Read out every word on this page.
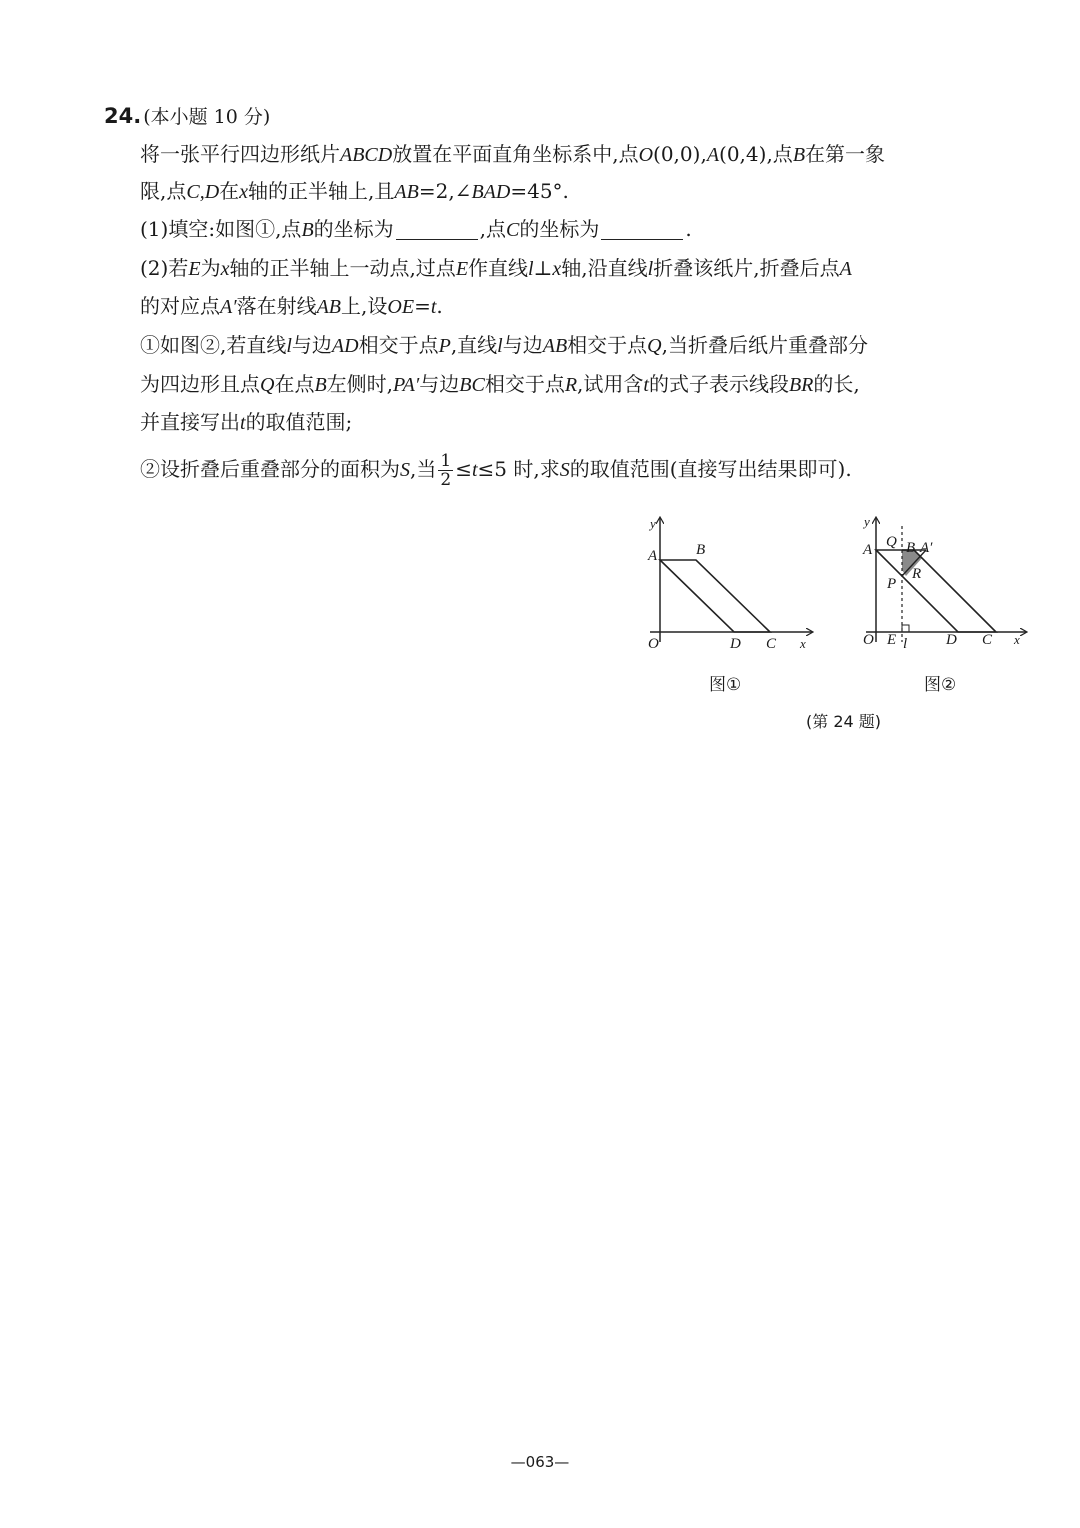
24. (本小题 10 分)
将一张平行四边形纸片ABCD放置在平面直角坐标系中,点O(0,0),A(0,4),点B在第一象
限,点C,D在x轴的正半轴上,且AB=2,∠BAD=45°.
(1)填空:如图①,点B的坐标为	,点C的坐标为	.
(2)若E为x轴的正半轴上一动点,过点E作直线l⊥x轴,沿直线l折叠该纸片,折叠后点A
的对应点A′落在射线AB上,设OE=t.
①如图②,若直线l与边AD相交于点P,直线l与边AB相交于点Q,当折叠后纸片重叠部分
为四边形且点Q在点B左侧时,PA′与边BC相交于点R,试用含t的式子表示线段BR的长,
并直接写出t的取值范围;
②设折叠后重叠部分的面积为S,当 $\frac{1}{2} \le t\le 5$ 时,求S的取值范围(直接写出结果即可).
y
A	B
O	D C x
图①
y
A Q B A′
R
P
O E l	D C x
图②
(第 24 题)
—063—
